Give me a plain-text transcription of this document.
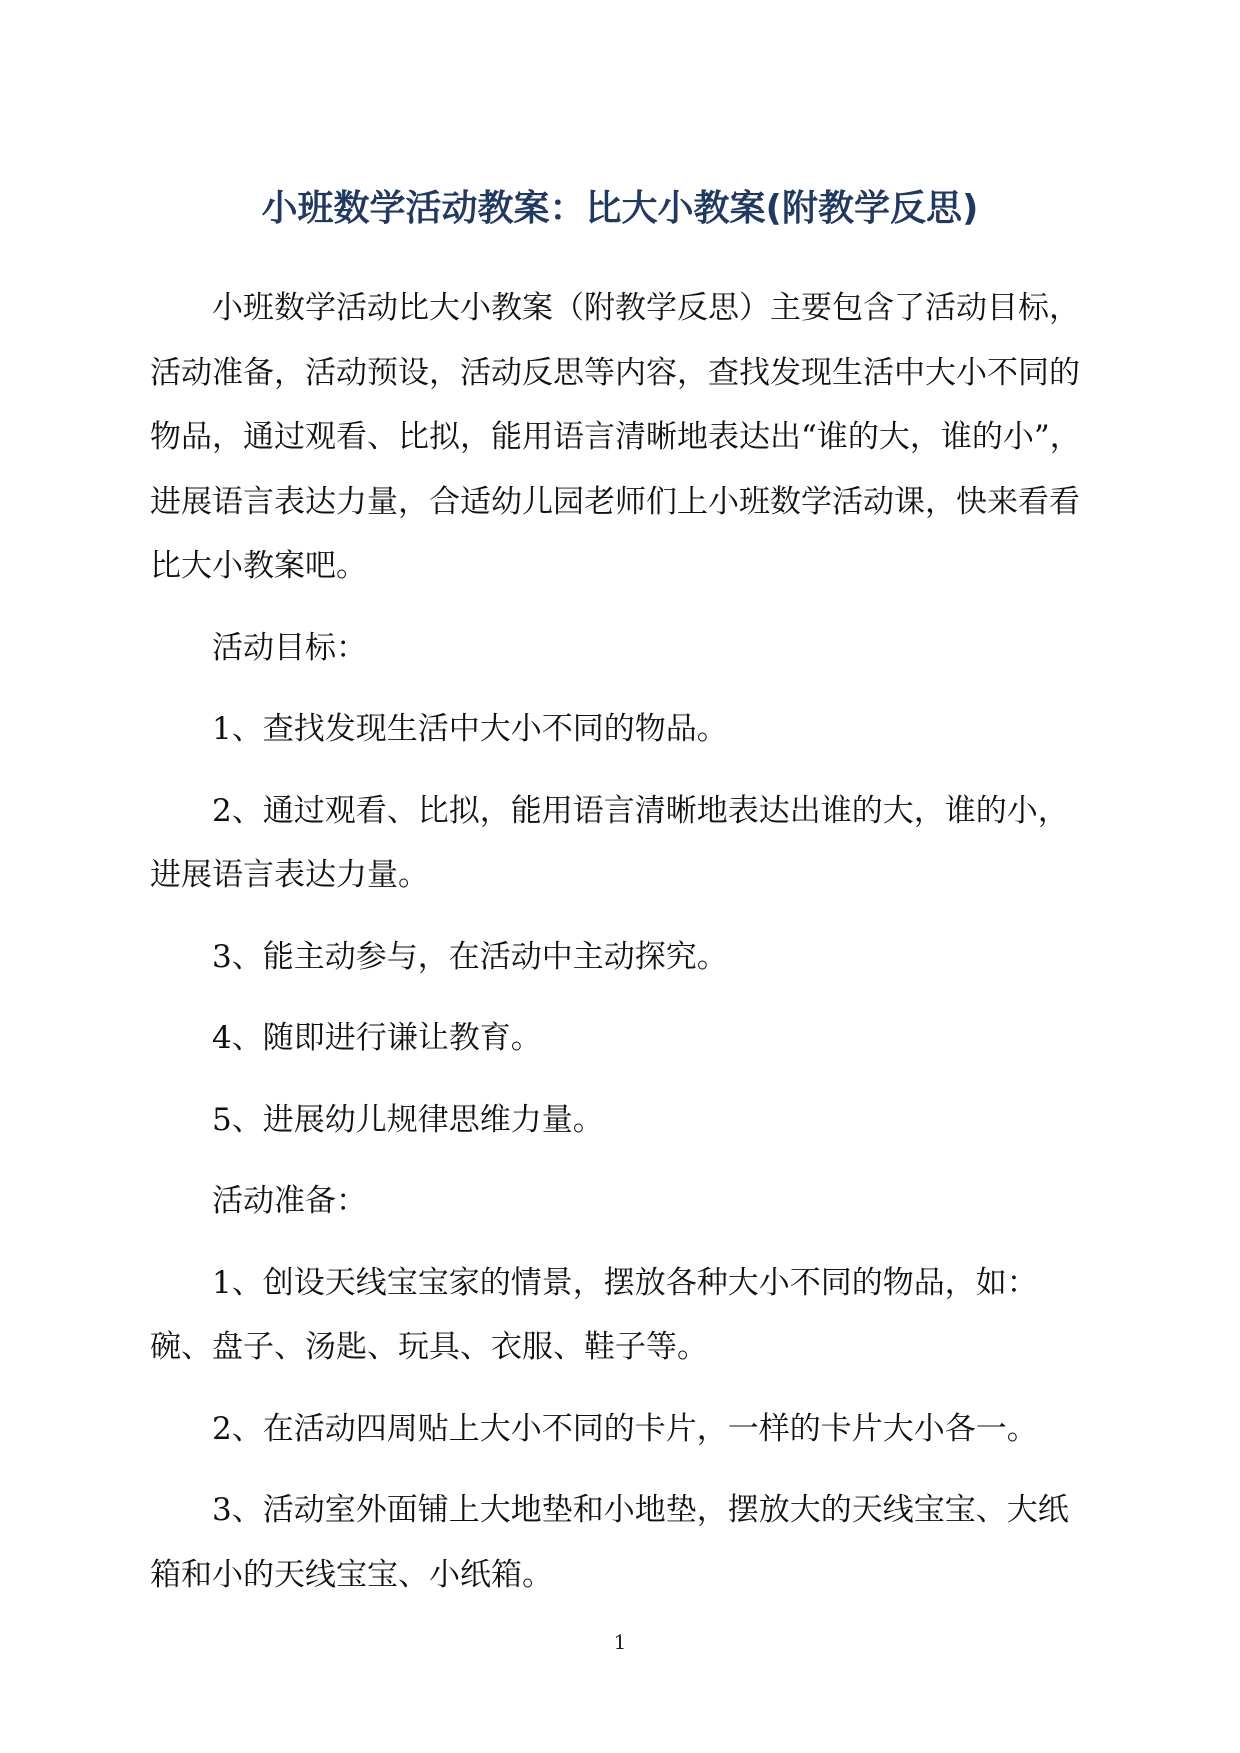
小班数学活动教案：比大小教案(附教学反思)

小班数学活动比大小教案（附教学反思）主要包含了活动目标，活动准备，活动预设，活动反思等内容，查找发现生活中大小不同的物品，通过观看、比拟，能用语言清晰地表达出“谁的大，谁的小”，进展语言表达力量，合适幼儿园老师们上小班数学活动课，快来看看比大小教案吧。

活动目标：

1、查找发现生活中大小不同的物品。

2、通过观看、比拟，能用语言清晰地表达出谁的大，谁的小，进展语言表达力量。

3、能主动参与，在活动中主动探究。

4、随即进行谦让教育。

5、进展幼儿规律思维力量。

活动准备：

1、创设天线宝宝家的情景，摆放各种大小不同的物品，如：碗、盘子、汤匙、玩具、衣服、鞋子等。

2、在活动四周贴上大小不同的卡片，一样的卡片大小各一。

3、活动室外面铺上大地垫和小地垫，摆放大的天线宝宝、大纸箱和小的天线宝宝、小纸箱。

1
